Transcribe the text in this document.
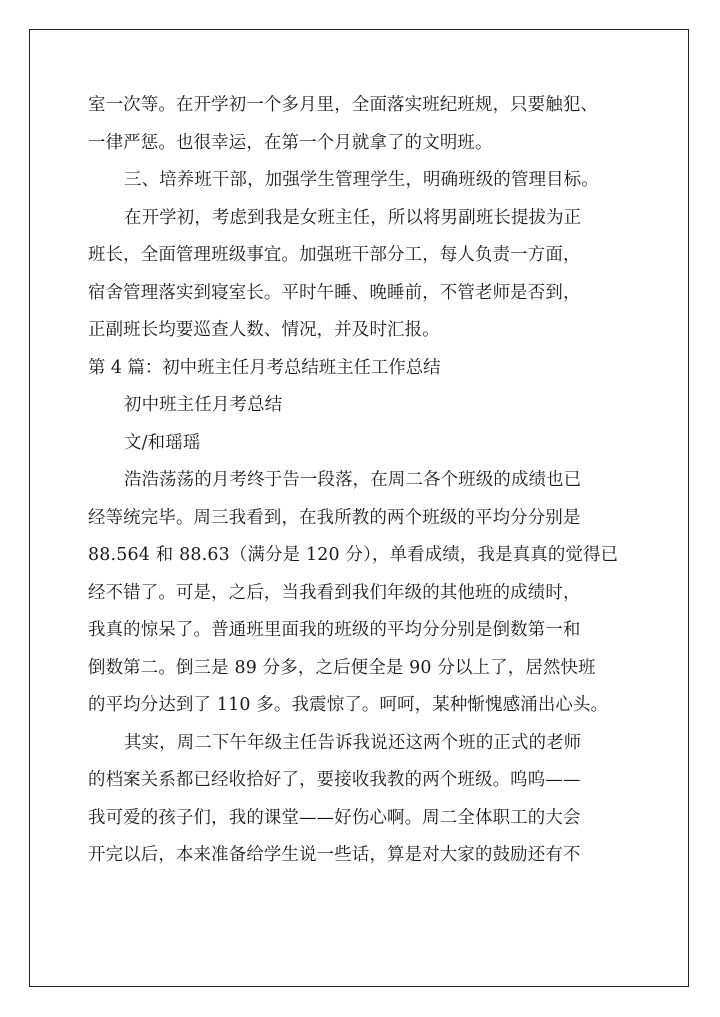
室一次等。在开学初一个多月里，全面落实班纪班规，只要触犯、
一律严惩。也很幸运，在第一个月就拿了的文明班。
三、培养班干部，加强学生管理学生，明确班级的管理目标。
在开学初，考虑到我是女班主任，所以将男副班长提拔为正
班长，全面管理班级事宜。加强班干部分工，每人负责一方面，
宿舍管理落实到寝室长。平时午睡、晚睡前，不管老师是否到，
正副班长均要巡查人数、情况，并及时汇报。
第 4 篇：初中班主任月考总结班主任工作总结
初中班主任月考总结
文/和瑶瑶
浩浩荡荡的月考终于告一段落，在周二各个班级的成绩也已
经等统完毕。周三我看到，在我所教的两个班级的平均分分别是
88.564 和 88.63（满分是 120 分），单看成绩，我是真真的觉得已
经不错了。可是，之后，当我看到我们年级的其他班的成绩时，
我真的惊呆了。普通班里面我的班级的平均分分别是倒数第一和
倒数第二。倒三是 89 分多，之后便全是 90 分以上了，居然快班
的平均分达到了 110 多。我震惊了。呵呵，某种惭愧感涌出心头。
其实，周二下午年级主任告诉我说还这两个班的正式的老师
的档案关系都已经收拾好了，要接收我教的两个班级。呜呜——
我可爱的孩子们，我的课堂——好伤心啊。周二全体职工的大会
开完以后，本来准备给学生说一些话，算是对大家的鼓励还有不
